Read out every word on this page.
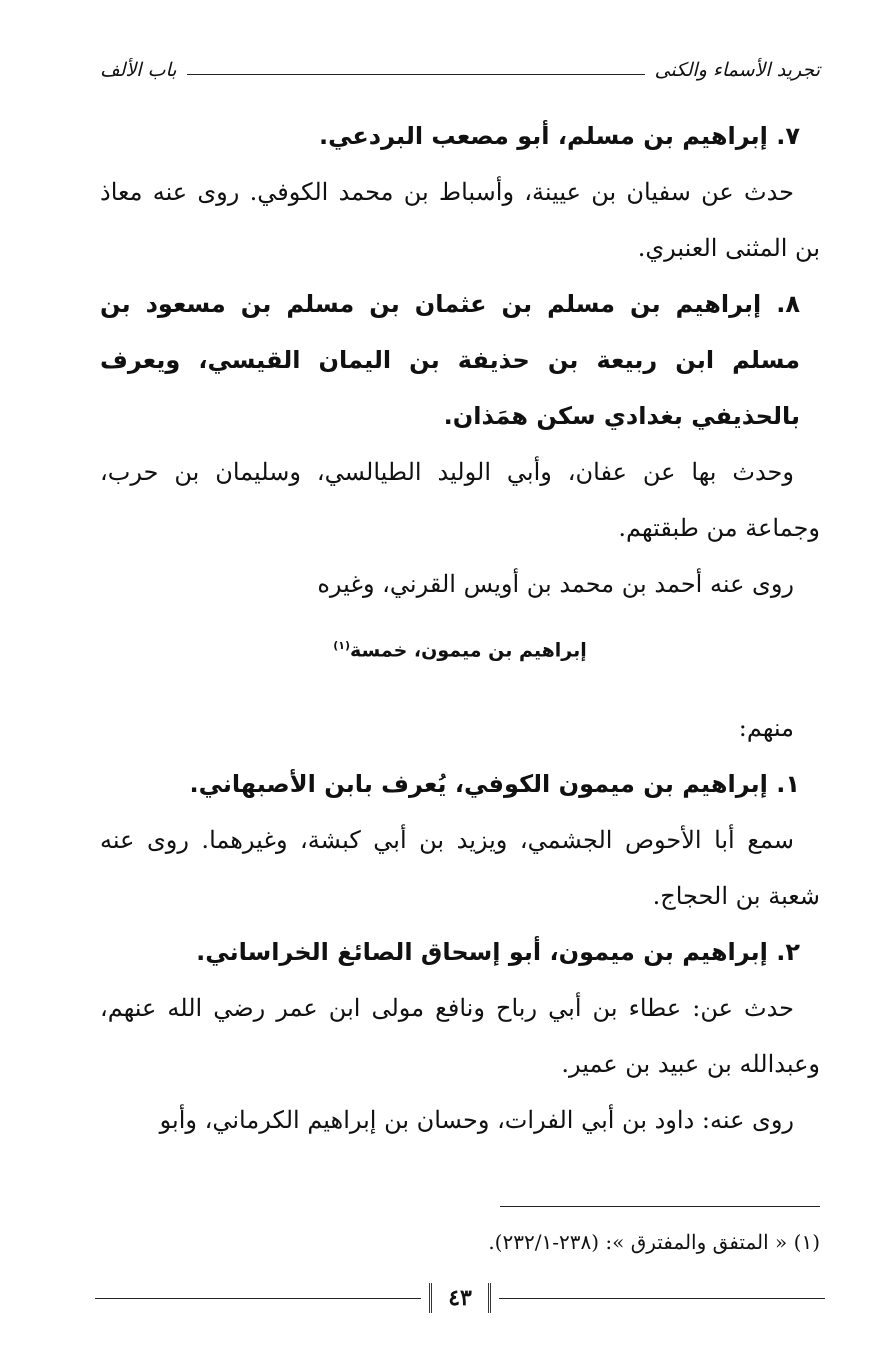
تجريد الأسماء والكنى
باب الألف

٧. إبراهيم بن مسلم، أبو مصعب البردعي.

حدث عن سفيان بن عيينة، وأسباط بن محمد الكوفي. روى عنه معاذ بن المثنى العنبري.

٨. إبراهيم بن مسلم بن عثمان بن مسلم بن مسعود بن مسلم ابن ربيعة بن حذيفة بن اليمان القيسي، ويعرف بالحذيفي بغدادي سكن همَذان.

وحدث بها عن عفان، وأبي الوليد الطيالسي، وسليمان بن حرب، وجماعة من طبقتهم.

روى عنه أحمد بن محمد بن أويس القرني، وغيره

إبراهيم بن ميمون، خمسة$^{(١)}$

منهم:

١. إبراهيم بن ميمون الكوفي، يُعرف بابن الأصبهاني.

سمع أبا الأحوص الجشمي، ويزيد بن أبي كبشة، وغيرهما. روى عنه شعبة بن الحجاج.

٢. إبراهيم بن ميمون، أبو إسحاق الصائغ الخراساني.

حدث عن: عطاء بن أبي رباح ونافع مولى ابن عمر رضي الله عنهم، وعبدالله بن عبيد بن عمير.

روى عنه: داود بن أبي الفرات، وحسان بن إبراهيم الكرماني، وأبو

(١) « المتفق والمفترق »: (٢٣٨-٢٣٢/١).
٤٣
